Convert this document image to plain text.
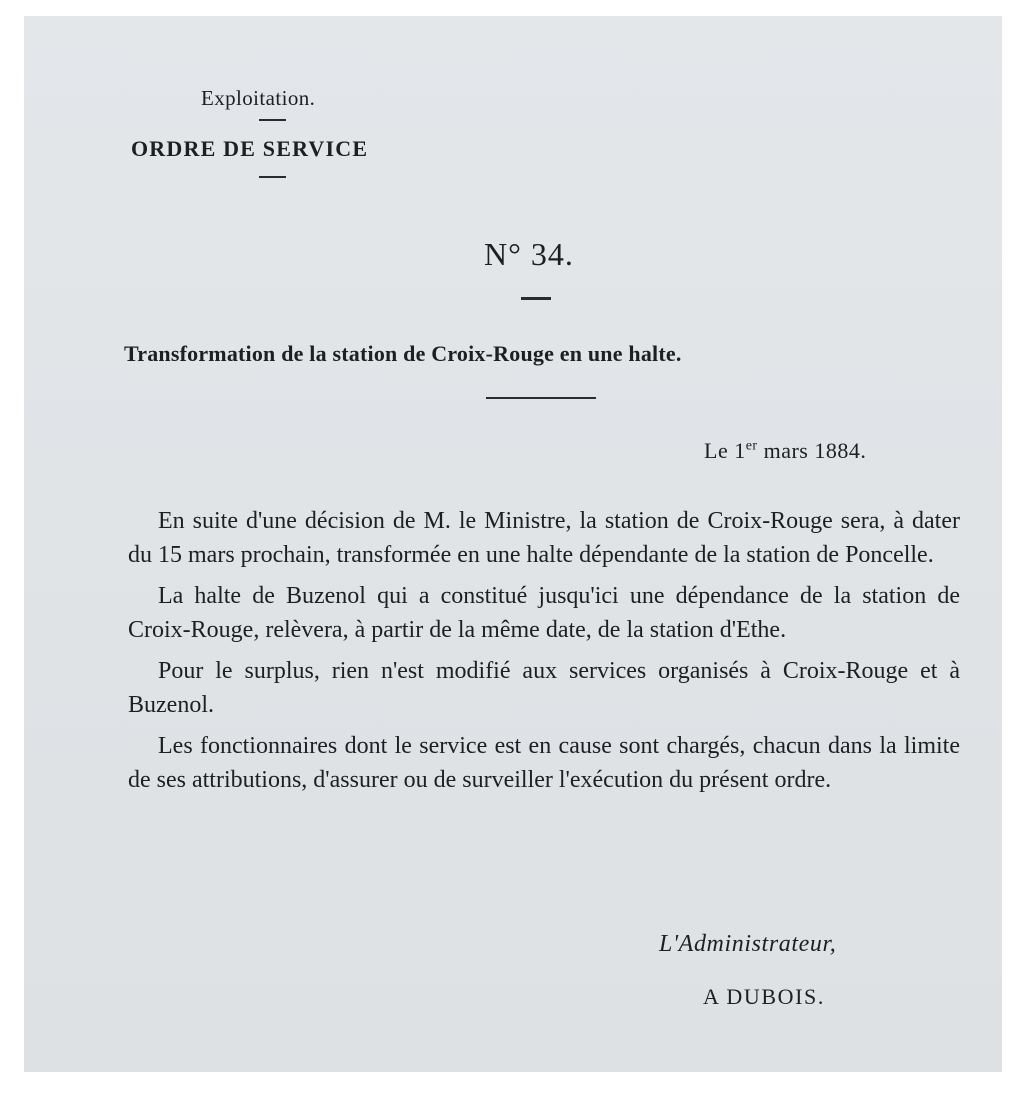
Exploitation.
ORDRE DE SERVICE
N° 34.
Transformation de la station de Croix-Rouge en une halte.
Le 1er mars 1884.

En suite d'une décision de M. le Ministre, la station de Croix-Rouge sera, à dater du 15 mars prochain, transformée en une halte dépendante de la station de Poncelle.

La halte de Buzenol qui a constitué jusqu'ici une dépendance de la station de Croix-Rouge, relèvera, à partir de la même date, de la station d'Ethe.

Pour le surplus, rien n'est modifié aux services organisés à Croix-Rouge et à Buzenol.

Les fonctionnaires dont le service est en cause sont chargés, chacun dans la limite de ses attributions, d'assurer ou de surveiller l'exécution du présent ordre.

L'Administrateur,
A DUBOIS.
